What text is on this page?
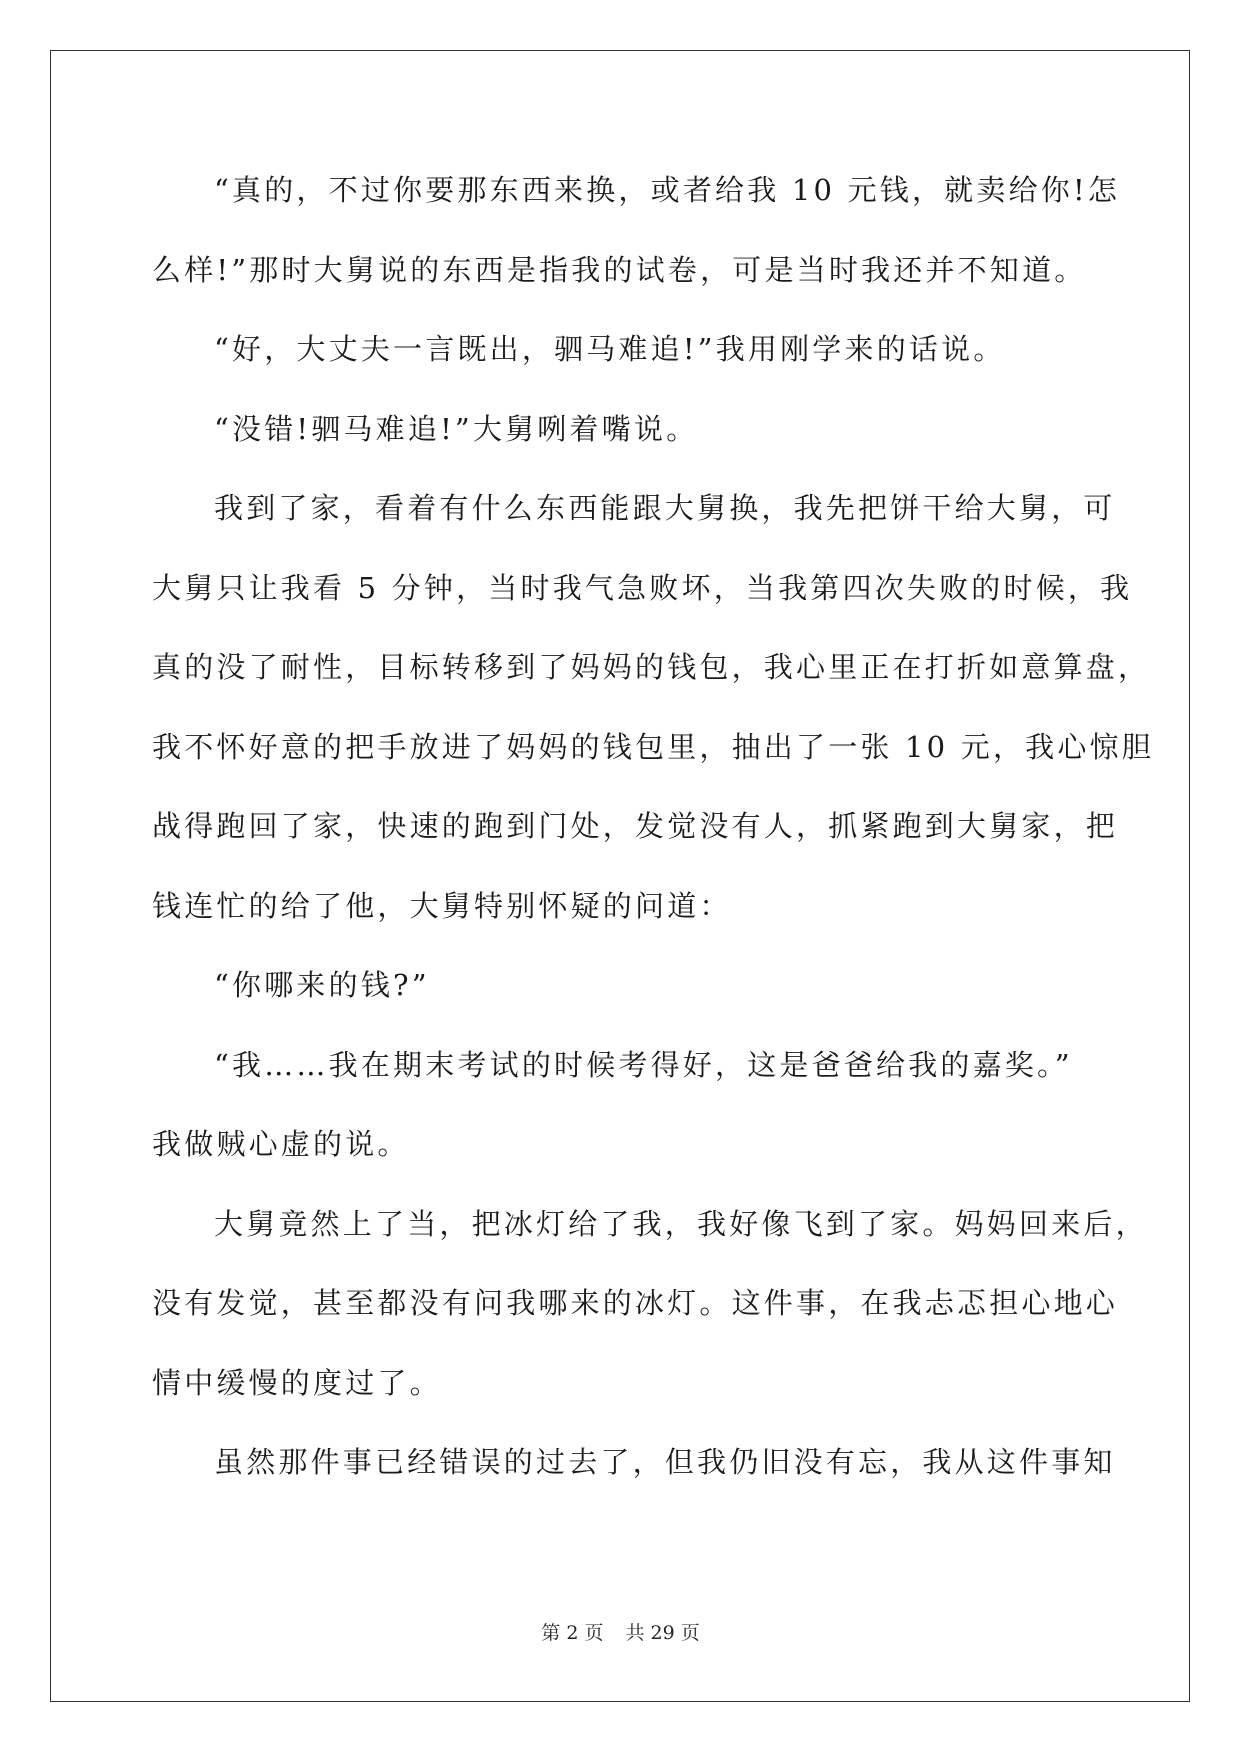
“真的，不过你要那东西来换，或者给我 10 元钱，就卖给你!怎
么样!”那时大舅说的东西是指我的试卷，可是当时我还并不知道。
“好，大丈夫一言既出，驷马难追!”我用刚学来的话说。
“没错!驷马难追!”大舅咧着嘴说。
我到了家，看着有什么东西能跟大舅换，我先把饼干给大舅，可
大舅只让我看 5 分钟，当时我气急败坏，当我第四次失败的时候，我
真的没了耐性，目标转移到了妈妈的钱包，我心里正在打折如意算盘，
我不怀好意的把手放进了妈妈的钱包里，抽出了一张 10 元，我心惊胆
战得跑回了家，快速的跑到门处，发觉没有人，抓紧跑到大舅家，把
钱连忙的给了他，大舅特别怀疑的问道：
“你哪来的钱?”
“我……我在期末考试的时候考得好，这是爸爸给我的嘉奖。”
我做贼心虚的说。
大舅竟然上了当，把冰灯给了我，我好像飞到了家。妈妈回来后，
没有发觉，甚至都没有问我哪来的冰灯。这件事，在我忐忑担心地心
情中缓慢的度过了。
虽然那件事已经错误的过去了，但我仍旧没有忘，我从这件事知
第 2 页 共 29 页
